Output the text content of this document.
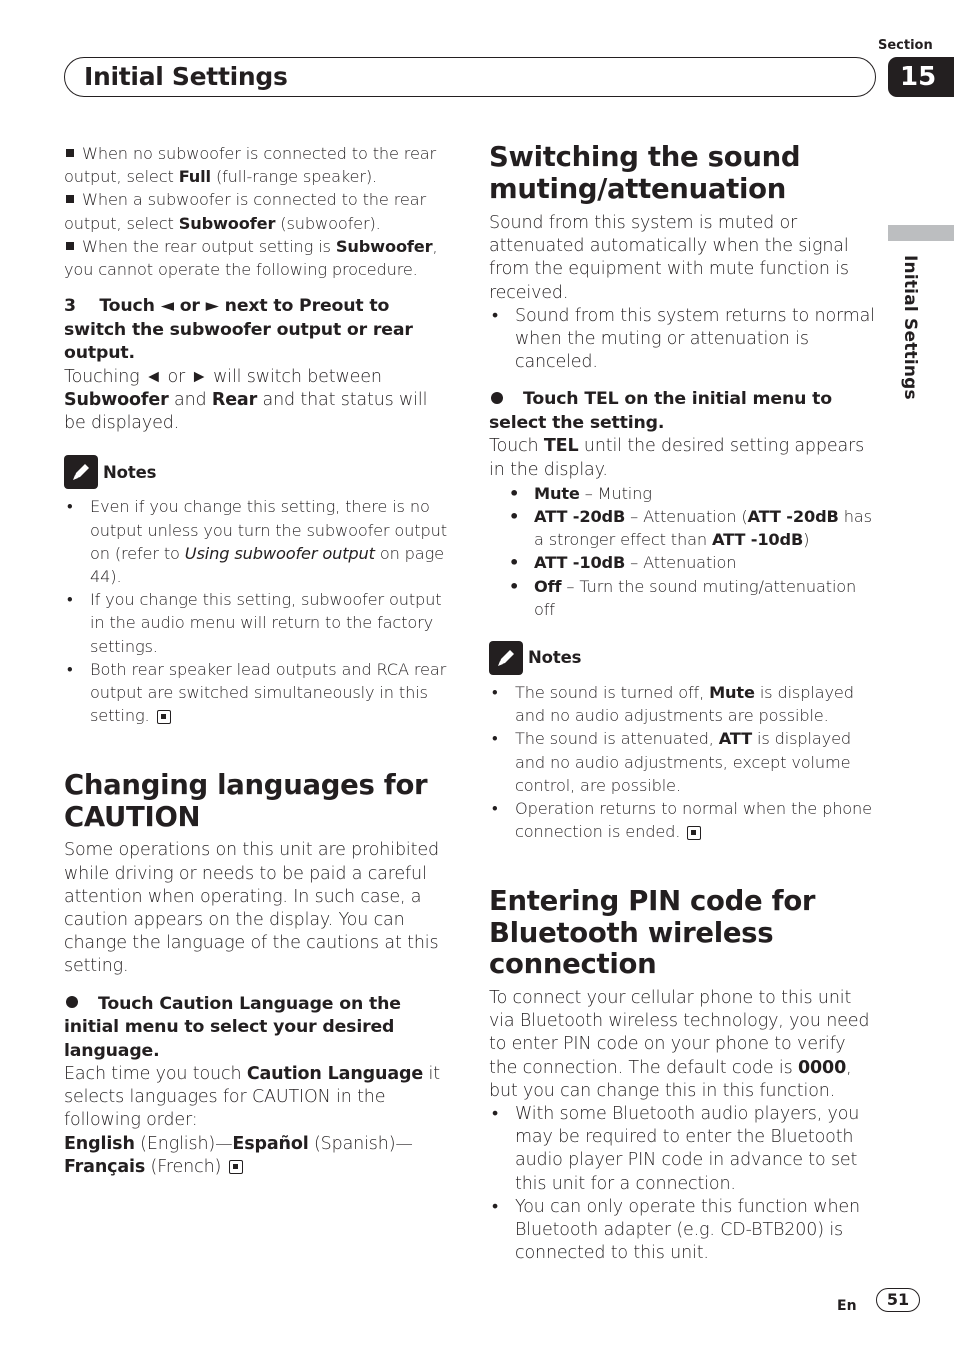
Section
Initial Settings	15
Initial Settings

When no subwoofer is connected to the rear output, select Full (full-range speaker).

When a subwoofer is connected to the rear output, select Subwoofer (subwoofer).

When the rear output setting is Subwoofer, you cannot operate the following procedure.

3 Touch ◄ or ► next to Preout to switch the subwoofer output or rear output.

Touching ◄ or ► will switch between Subwoofer and Rear and that status will be displayed.

Notes
• Even if you change this setting, there is no output unless you turn the subwoofer output on (refer to Using subwoofer output on page 44).
• If you change this setting, subwoofer output in the audio menu will return to the factory settings.
• Both rear speaker lead outputs and RCA rear output are switched simultaneously in this setting.
Changing languages for CAUTION

Some operations on this unit are prohibited while driving or needs to be paid a careful attention when operating. In such case, a caution appears on the display. You can change the language of the cautions at this setting.

Touch Caution Language on the initial menu to select your desired language.

Each time you touch Caution Language it selects languages for CAUTION in the following order:

English (English)—Español (Spanish)—Français (French)

Switching the sound muting/attenuation

Sound from this system is muted or attenuated automatically when the signal from the equipment with mute function is received.

• Sound from this system returns to normal when the muting or attenuation is canceled.

Touch TEL on the initial menu to select the setting.

Touch TEL until the desired setting appears in the display.

• Mute – Muting
• ATT -20dB – Attenuation (ATT -20dB has a stronger effect than ATT -10dB)
• ATT -10dB – Attenuation
• Off – Turn the sound muting/attenuation off
Notes
• The sound is turned off, Mute is displayed and no audio adjustments are possible.
• The sound is attenuated, ATT is displayed and no audio adjustments, except volume control, are possible.
• Operation returns to normal when the phone connection is ended.
Entering PIN code for Bluetooth wireless connection

To connect your cellular phone to this unit via Bluetooth wireless technology, you need to enter PIN code on your phone to verify the connection. The default code is 0000, but you can change this in this function.

• With some Bluetooth audio players, you may be required to enter the Bluetooth audio player PIN code in advance to set this unit for a connection.
• You can only operate this function when Bluetooth adapter (e.g. CD-BTB200) is connected to this unit.
En	51
